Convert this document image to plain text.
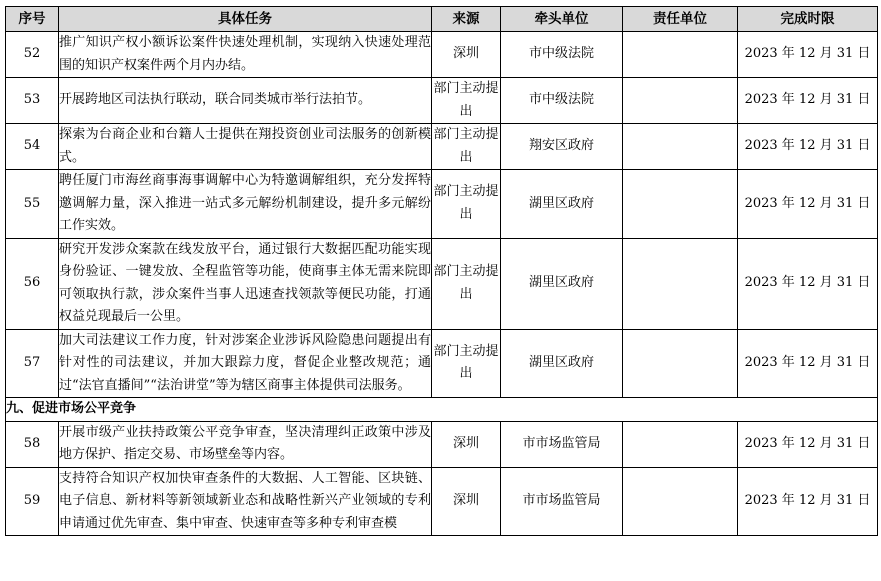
序号	具体任务	来源	牵头单位	责任单位	完成时限
52	推广知识产权小额诉讼案件快速处理机制，实现纳入快速处理范围的知识产权案件两个月内办结。	深圳	市中级法院		2023 年 12 月 31 日
53	开展跨地区司法执行联动，联合同类城市举行法拍节。	部门主动提出	市中级法院		2023 年 12 月 31 日
54	探索为台商企业和台籍人士提供在翔投资创业司法服务的创新模式。	部门主动提出	翔安区政府		2023 年 12 月 31 日
55	聘任厦门市海丝商事海事调解中心为特邀调解组织，充分发挥特邀调解力量，深入推进一站式多元解纷机制建设，提升多元解纷工作实效。	部门主动提出	湖里区政府		2023 年 12 月 31 日
56	研究开发涉众案款在线发放平台，通过银行大数据匹配功能实现身份验证、一键发放、全程监管等功能，使商事主体无需来院即可领取执行款，涉众案件当事人迅速查找领款等便民功能，打通权益兑现最后一公里。	部门主动提出	湖里区政府		2023 年 12 月 31 日
57	加大司法建议工作力度，针对涉案企业涉诉风险隐患问题提出有针对性的司法建议，并加大跟踪力度，督促企业整改规范；通过“法官直播间”“法治讲堂”等为辖区商事主体提供司法服务。	部门主动提出	湖里区政府		2023 年 12 月 31 日
九、促进市场公平竞争					
58	开展市级产业扶持政策公平竞争审查，坚决清理纠正政策中涉及地方保护、指定交易、市场壁垒等内容。	深圳	市市场监管局		2023 年 12 月 31 日
59	支持符合知识产权加快审查条件的大数据、人工智能、区块链、电子信息、新材料等新领域新业态和战略性新兴产业领域的专利申请通过优先审查、集中审查、快速审查等多种专利审查模	深圳	市市场监管局		2023 年 12 月 31 日
